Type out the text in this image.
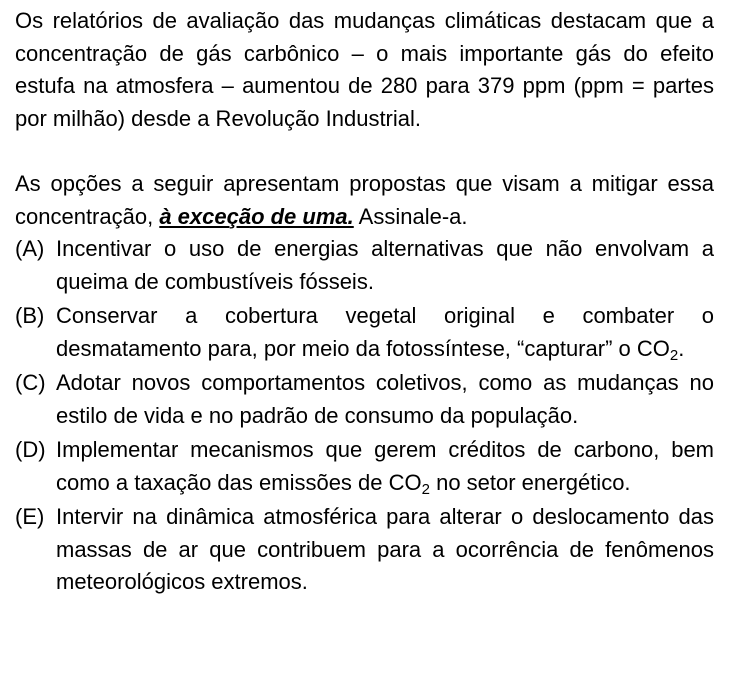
Os relatórios de avaliação das mudanças climáticas destacam que a concentração de gás carbônico – o mais importante gás do efeito estufa na atmosfera – aumentou de 280 para 379 ppm (ppm = partes por milhão) desde a Revolução Industrial.

As opções a seguir apresentam propostas que visam a mitigar essa concentração, à exceção de uma. Assinale-a.

(A) Incentivar o uso de energias alternativas que não envolvam a queima de combustíveis fósseis.
(B) Conservar a cobertura vegetal original e combater o desmatamento para, por meio da fotossíntese, “capturar” o $CO_2$.
(C) Adotar novos comportamentos coletivos, como as mudanças no estilo de vida e no padrão de consumo da população.
(D) Implementar mecanismos que gerem créditos de carbono, bem como a taxação das emissões de $CO_2$ no setor energético.
(E) Intervir na dinâmica atmosférica para alterar o deslocamento das massas de ar que contribuem para a ocorrência de fenômenos meteorológicos extremos.
